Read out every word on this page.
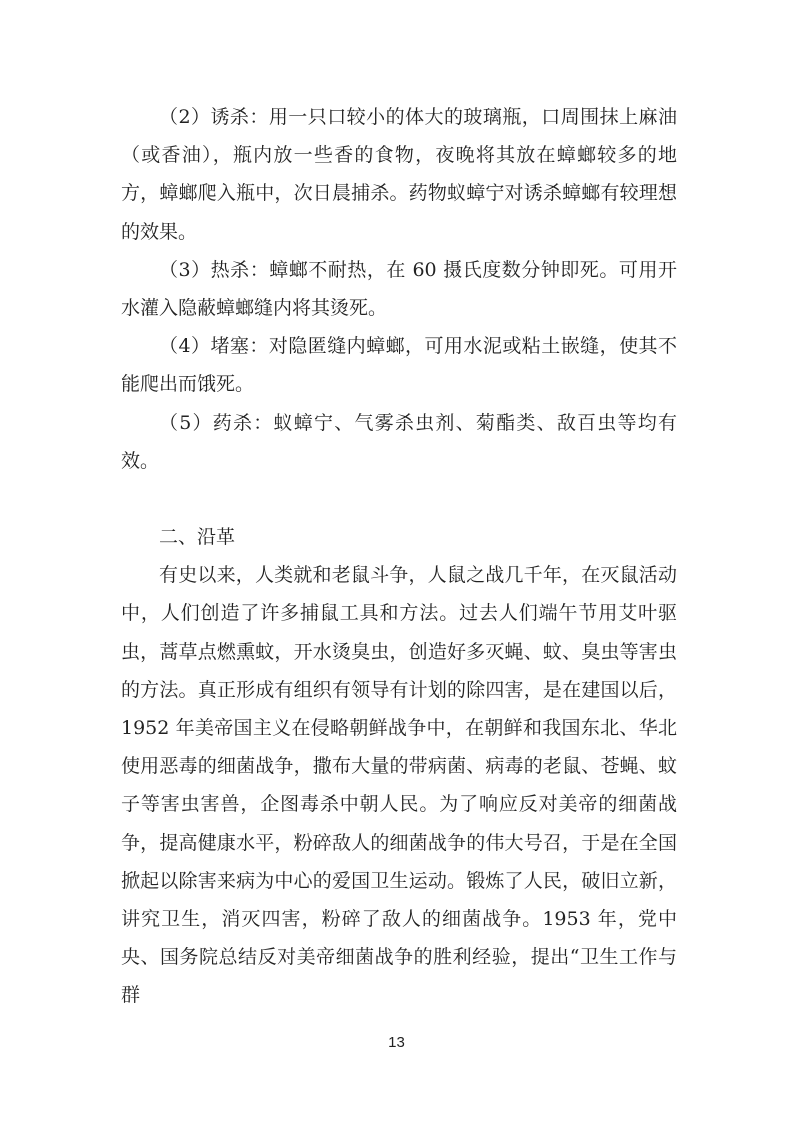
（2）诱杀：用一只口较小的体大的玻璃瓶，口周围抹上麻油（或香油），瓶内放一些香的食物，夜晚将其放在蟑螂较多的地方，蟑螂爬入瓶中，次日晨捕杀。药物蚁蟑宁对诱杀蟑螂有较理想的效果。

（3）热杀：蟑螂不耐热，在 60 摄氏度数分钟即死。可用开水灌入隐蔽蟑螂缝内将其烫死。

（4）堵塞：对隐匿缝内蟑螂，可用水泥或粘土嵌缝，使其不能爬出而饿死。

（5）药杀：蚁蟑宁、气雾杀虫剂、菊酯类、敌百虫等均有效。

二、沿革

有史以来，人类就和老鼠斗争，人鼠之战几千年，在灭鼠活动中，人们创造了许多捕鼠工具和方法。过去人们端午节用艾叶驱虫，蒿草点燃熏蚊，开水烫臭虫，创造好多灭蝇、蚊、臭虫等害虫的方法。真正形成有组织有领导有计划的除四害，是在建国以后，1952 年美帝国主义在侵略朝鲜战争中，在朝鲜和我国东北、华北使用恶毒的细菌战争，撒布大量的带病菌、病毒的老鼠、苍蝇、蚊子等害虫害兽，企图毒杀中朝人民。为了响应反对美帝的细菌战争，提高健康水平，粉碎敌人的细菌战争的伟大号召，于是在全国掀起以除害来病为中心的爱国卫生运动。锻炼了人民，破旧立新，讲究卫生，消灭四害，粉碎了敌人的细菌战争。1953 年，党中央、国务院总结反对美帝细菌战争的胜利经验，提出“卫生工作与群

13
